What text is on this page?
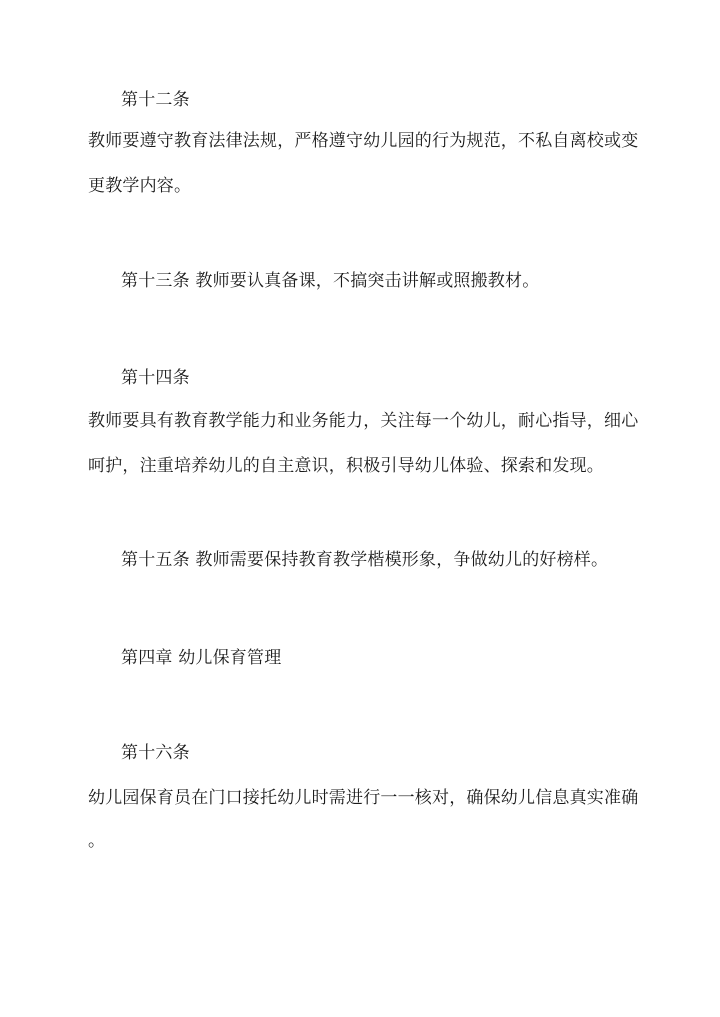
第十二条
教师要遵守教育法律法规，严格遵守幼儿园的行为规范，不私自离校或变
更教学内容。
第十三条 教师要认真备课，不搞突击讲解或照搬教材。
第十四条
教师要具有教育教学能力和业务能力，关注每一个幼儿，耐心指导，细心
呵护，注重培养幼儿的自主意识，积极引导幼儿体验、探索和发现。
第十五条 教师需要保持教育教学楷模形象，争做幼儿的好榜样。
第四章 幼儿保育管理
第十六条
幼儿园保育员在门口接托幼儿时需进行一一核对，确保幼儿信息真实准确
。
